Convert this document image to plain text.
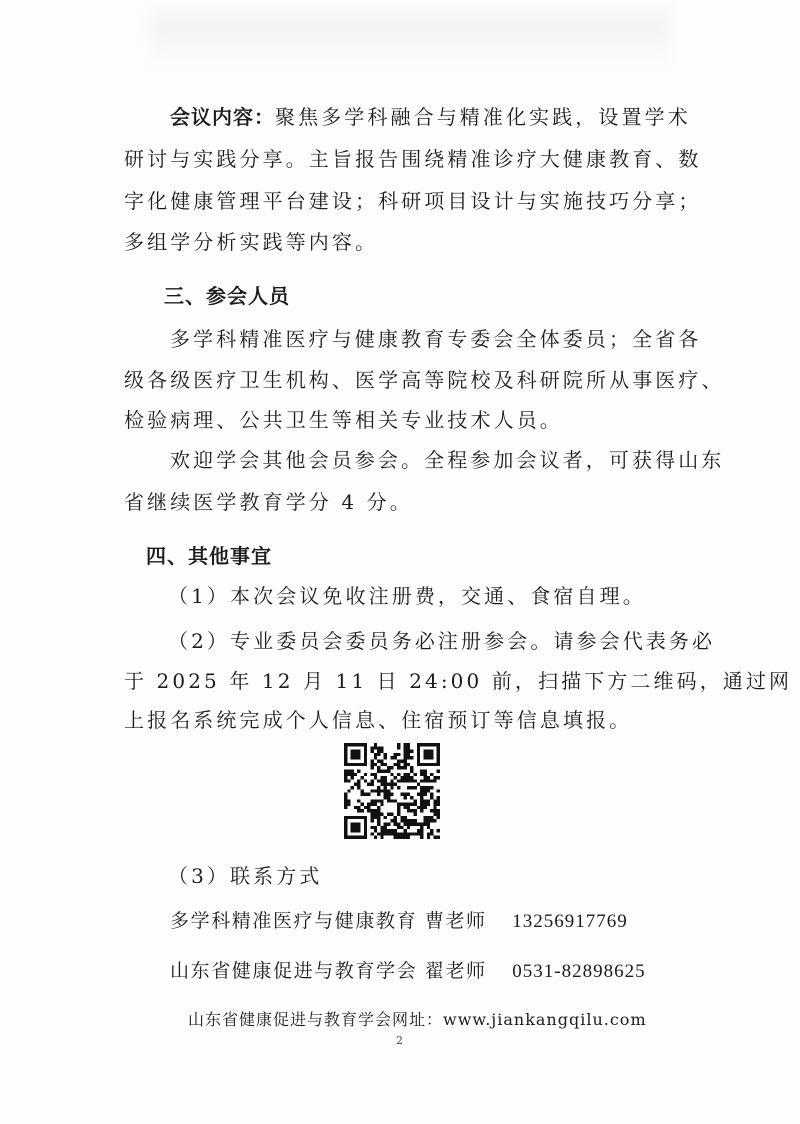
会议内容：聚焦多学科融合与精准化实践，设置学术
研讨与实践分享。主旨报告围绕精准诊疗大健康教育、数
字化健康管理平台建设；科研项目设计与实施技巧分享；
多组学分析实践等内容。
三、参会人员
多学科精准医疗与健康教育专委会全体委员；全省各
级各级医疗卫生机构、医学高等院校及科研院所从事医疗、
检验病理、公共卫生等相关专业技术人员。
欢迎学会其他会员参会。全程参加会议者，可获得山东
省继续医学教育学分 4 分。
四、其他事宜
（1）本次会议免收注册费，交通、食宿自理。
（2）专业委员会委员务必注册参会。请参会代表务必
于 2025 年 12 月 11 日 24:00 前，扫描下方二维码，通过网
上报名系统完成个人信息、住宿预订等信息填报。
（3）联系方式
多学科精准医疗与健康教育 曹老师 13256917769
山东省健康促进与教育学会 翟老师 0531-82898625
山东省健康促进与教育学会网址：www.jiankangqilu.com
2
